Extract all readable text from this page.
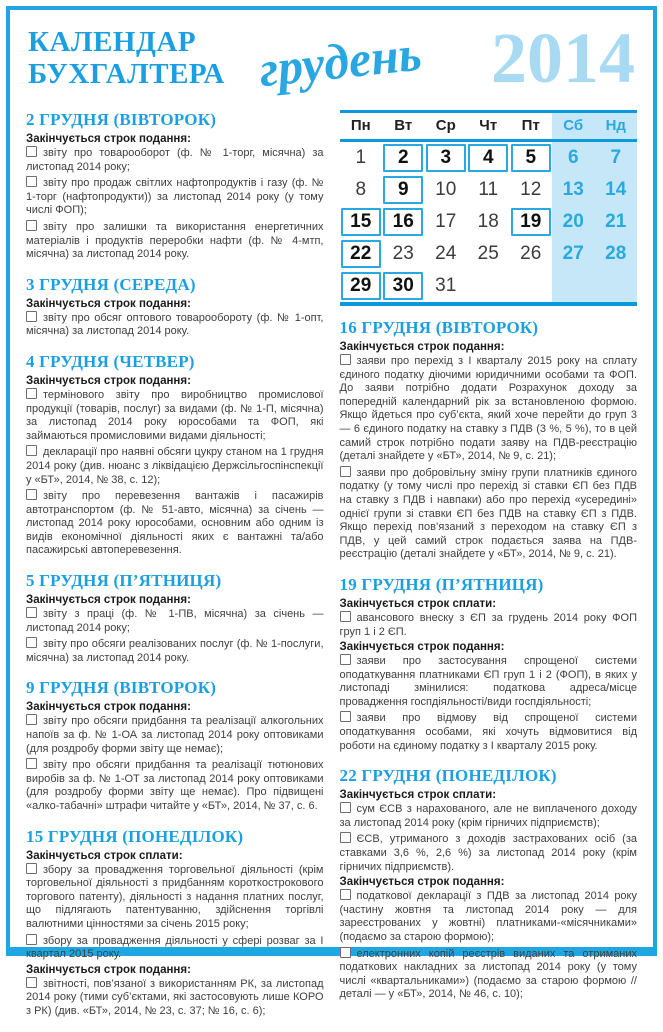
КАЛЕНДАР
БУХГАЛТЕРА грудень 2014
2 ГРУДНЯ (ВІВТОРОК)
Закінчується строк подання:
звіту про товарооборот (ф. № 1-торг, місячна) за листопад 2014 року;
звіту про продаж світлих нафтопродуктів і газу (ф. № 1-торг (нафтопродукти)) за листопад 2014 року (у тому числі ФОП);
звіту про залишки та використання енергетичних матеріалів і продуктів переробки нафти (ф. № 4-мтп, місячна) за листопад 2014 року.
3 ГРУДНЯ (СЕРЕДА)
Закінчується строк подання:
звіту про обсяг оптового товарообороту (ф. № 1-опт, місячна) за листопад 2014 року.
4 ГРУДНЯ (ЧЕТВЕР)
Закінчується строк подання:
термінового звіту про виробництво промислової продукції (товарів, послуг) за видами (ф. № 1-П, місячна) за листопад 2014 року юрособами та ФОП, які займаються промисловими видами діяльності;
декларації про наявні обсяги цукру станом на 1 грудня 2014 року (див. нюанс з ліквідацією Держсільгоспінспекції у «БТ», 2014, № 38, с. 12);
звіту про перевезення вантажів і пасажирів автотранспортом (ф. № 51-авто, місячна) за січень — листопад 2014 року юрособами, основним або одним із видів економічної діяльності яких є вантажні та/або пасажирські автоперевезення.
5 ГРУДНЯ (П’ЯТНИЦЯ)
Закінчується строк подання:
звіту з праці (ф. № 1-ПВ, місячна) за січень — листопад 2014 року;
звіту про обсяги реалізованих послуг (ф. № 1-послуги, місячна) за листопад 2014 року.
9 ГРУДНЯ (ВІВТОРОК)
Закінчується строк подання:
звіту про обсяги придбання та реалізації алкогольних напоїв за ф. № 1-ОА за листопад 2014 року оптовиками (для роздробу форми звіту ще немає);
звіту про обсяги придбання та реалізації тютюнових виробів за ф. № 1-ОТ за листопад 2014 року оптовиками (для роздробу форми звіту ще немає). Про підвищені «алко-табачні» штрафи читайте у «БТ», 2014, № 37, с. 6.
15 ГРУДНЯ (ПОНЕДІЛОК)
Закінчується строк сплати:
збору за провадження торговельної діяльності (крім торговельної діяльності з придбанням короткострокового торгового патенту), діяльності з надання платних послуг, що підлягають патентуванню, здійснення торгівлі валютними цінностями за січень 2015 року;
збору за провадження діяльності у сфері розваг за I квартал 2015 року.
Закінчується строк подання:
звітності, пов’язаної з використанням РК, за листопад 2014 року (тими суб’єктами, які застосовують лише КОРО з РК) (див. «БТ», 2014, № 23, с. 37; № 16, с. 6);
Пн	Вт	Ср	Чт	Пт	Сб	Нд
1	2	3	4	5	6 7
8	9	10 11 12 13 14
15	16	17 18	19	20 21
22	23 24 25 26 27 28
29	30	31
16 ГРУДНЯ (ВІВТОРОК)
Закінчується строк подання:
заяви про перехід з I кварталу 2015 року на сплату єдиного податку діючими юридичними особами та ФОП. До заяви потрібно додати Розрахунок доходу за попередній календарний рік за встановленою формою. Якщо йдеться про суб’єкта, який хоче перейти до груп 3 — 6 єдиного податку на ставку з ПДВ (3 %, 5 %), то в цей самий строк потрібно подати заяву на ПДВ-реєстрацію (деталі знайдете у «БТ», 2014, № 9, с. 21);
заяви про добровільну зміну групи платників єдиного податку (у тому числі про перехід зі ставки ЄП без ПДВ на ставку з ПДВ і навпаки) або про перехід «усередині» однієї групи зі ставки ЄП без ПДВ на ставку ЄП з ПДВ. Якщо перехід пов’язаний з переходом на ставку ЄП з ПДВ, у цей самий строк подається заява на ПДВ-реєстрацію (деталі знайдете у «БТ», 2014, № 9, с. 21).
19 ГРУДНЯ (П’ЯТНИЦЯ)
Закінчується строк сплати:
авансового внеску з ЄП за грудень 2014 року ФОП груп 1 і 2 ЄП.
Закінчується строк подання:
заяви про застосування спрощеної системи оподаткування платниками ЄП груп 1 і 2 (ФОП), в яких у листопаді змінилися: податкова адреса/місце провадження госпдіяльності/види госпдіяльності;
заяви про відмову від спрощеної системи оподаткування особами, які хочуть відмовитися від роботи на єдиному податку з I кварталу 2015 року.
22 ГРУДНЯ (ПОНЕДІЛОК)
Закінчується строк сплати:
сум ЄСВ з нарахованого, але не виплаченого доходу за листопад 2014 року (крім гірничих підприємств);
ЄСВ, утриманого з доходів застрахованих осіб (за ставками 3,6 %, 2,6 %) за листопад 2014 року (крім гірничих підприємств).
Закінчується строк подання:
податкової декларації з ПДВ за листопад 2014 року (частину жовтня та листопад 2014 року — для зареєстрованих у жовтні) платниками-«місячниками» (подаємо за старою формою);
електронних копій реєстрів виданих та отриманих податкових накладних за листопад 2014 року (у тому числі «квартальниками») (подаємо за старою формою // деталі — у «БТ», 2014, № 46, с. 10);
